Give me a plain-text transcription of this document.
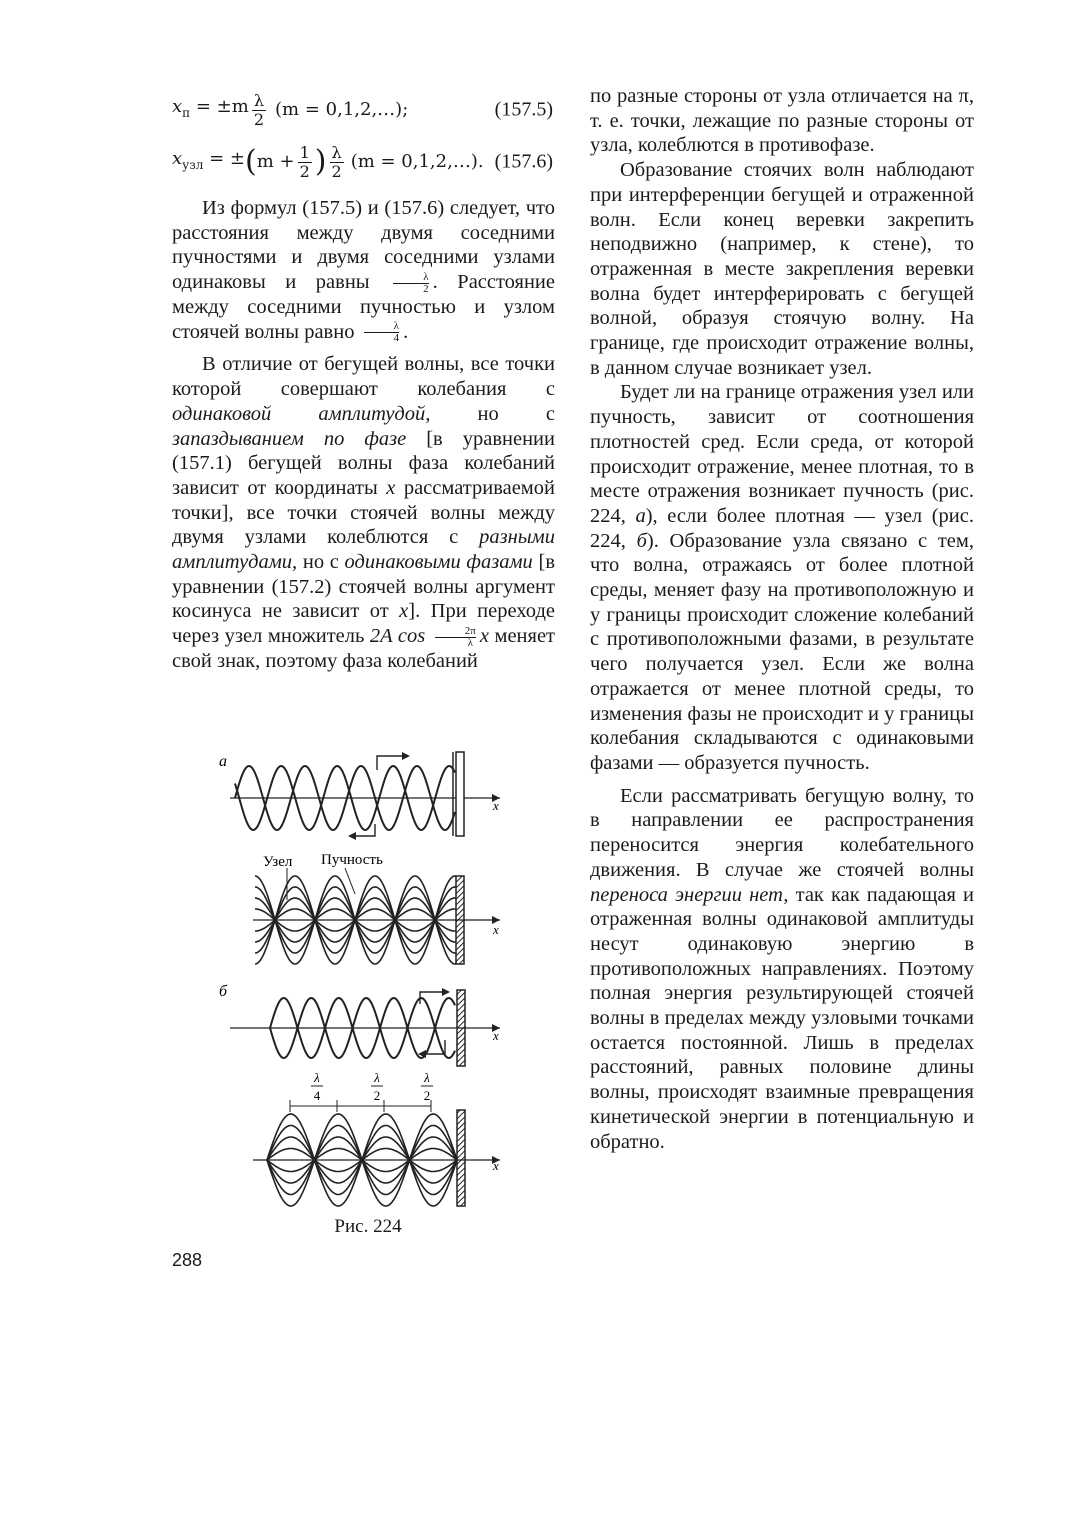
$x_п = \pm m \frac{\lambda}{2} (m$ = 0,1,2,…);	(157.5)
$x_{узл}$ = ± ( $m + \frac{1}{2}$ ) $\frac{\lambda}{2} (m$ = 0,1,2,…). (157.6)

Из формул (157.5) и (157.6) следует, что расстояния между двумя соседними пучностями и двумя соседними узлами одинаковы и равны $\frac{\lambda}{2}$ . Расстояние между соседними пучностью и узлом стоячей волны равно $\frac{\lambda}{4}$ .

В отличие от бегущей волны, все точки которой совершают колебания с одинаковой амплитудой, но с запаздыванием по фазе [в уравнении (157.1) бегущей волны фаза колебаний зависит от координаты x рассматриваемой точки], все точки стоячей волны между двумя узлами колеблются с разными амплитудами, но с одинаковыми фазами [в уравнении (157.2) стоячей волны аргумент косинуса не зависит от x]. При переходе через узел множитель 2A $\cos \frac{2\pi}{\lambda}$ x меняет свой знак, поэтому фаза колебаний

по разные стороны от узла отличается на π, т. е. точки, лежащие по разные стороны от узла, колеблются в противофазе.

Образование стоячих волн наблюдают при интерференции бегущей и отраженной волн. Если конец веревки закрепить неподвижно (например, к стене), то отраженная в месте закрепления веревки волна будет интерферировать с бегущей волной, образуя стоячую волну. На границе, где происходит отражение волны, в данном случае возникает узел.

Будет ли на границе отражения узел или пучность, зависит от соотношения плотностей сред. Если среда, от которой происходит отражение, менее плотная, то в месте отражения возникает пучность (рис. 224, а), если более плотная — узел (рис. 224, б). Образование узла связано с тем, что волна, отражаясь от более плотной среды, меняет фазу на противоположную и у границы происходит сложение колебаний с противоположными фазами, в результате чего получается узел. Если же волна отражается от менее плотной среды, то изменения фазы не происходит и у границы колебания складываются с одинаковыми фазами — образуется пучность.

Если рассматривать бегущую волну, то в направлении ее распространения переносится энергия колебательного движения. В случае же стоячей волны переноса энергии нет, так как падающая и отраженная волны одинаковой амплитуды несут одинаковую энергию в противоположных направлениях. Поэтому полная энергия результирующей стоячей волны в пределах между узловыми точками остается постоянной. Лишь в пределах расстояний, равных половине длины волны, происходят взаимные превращения кинетической энергии в потенциальную и обратно.

а
б
Узел Пучность
x
x
x
x
λ
4
λ
2
λ
2
Рис. 224
288
